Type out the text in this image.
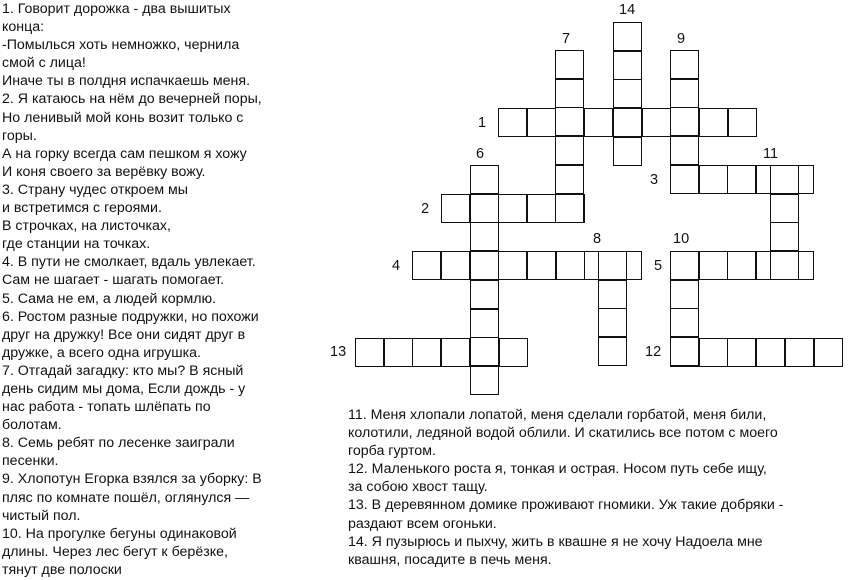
1. Говорит дорожка - два вышитых
конца:
-Помылься хоть немножко, чернила
смой с лица!
Иначе ты в полдня испачкаешь меня.
2. Я катаюсь на нём до вечерней поры,
Но ленивый мой конь возит только с
горы.
А на горку всегда сам пешком я хожу
И коня своего за верёвку вожу.
3. Страну чудес откроем мы
и встретимся с героями.
В строчках, на листочках,
где станции на точках.
4. В пути не смолкает, вдаль увлекает.
Сам не шагает - шагать помогает.
5. Сама не ем, а людей кормлю.
6. Ростом разные подружки, но похожи
друг на дружку! Все они сидят друг в
дружке, а всего одна игрушка.
7. Отгадай загадку: кто мы? В ясный
день сидим мы дома, Если дождь - у
нас работа - топать шлёпать по
болотам.
8. Семь ребят по лесенке заиграли
песенки.
9. Хлопотун Егорка взялся за уборку: В
пляс по комнате пошёл, оглянулся —
чистый пол.
10. На прогулке бегуны одинаковой
длины. Через лес бегут к берёзке,
тянут две полоски
11. Меня хлопали лопатой, меня сделали горбатой, меня били,
колотили, ледяной водой облили. И скатились все потом с моего
горба гуртом.
12. Маленького роста я, тонкая и острая. Носом путь себе ищу,
за собою хвост тащу.
13. В деревянном домике проживают гномики. Уж такие добряки -
раздают всем огоньки.
14. Я пузырюсь и пыхчу, жить в квашне я не хочу Надоела мне
квашня, посадите в печь меня.
1
2
3
4	5
6
7
8
9
10
11
12
13
14
